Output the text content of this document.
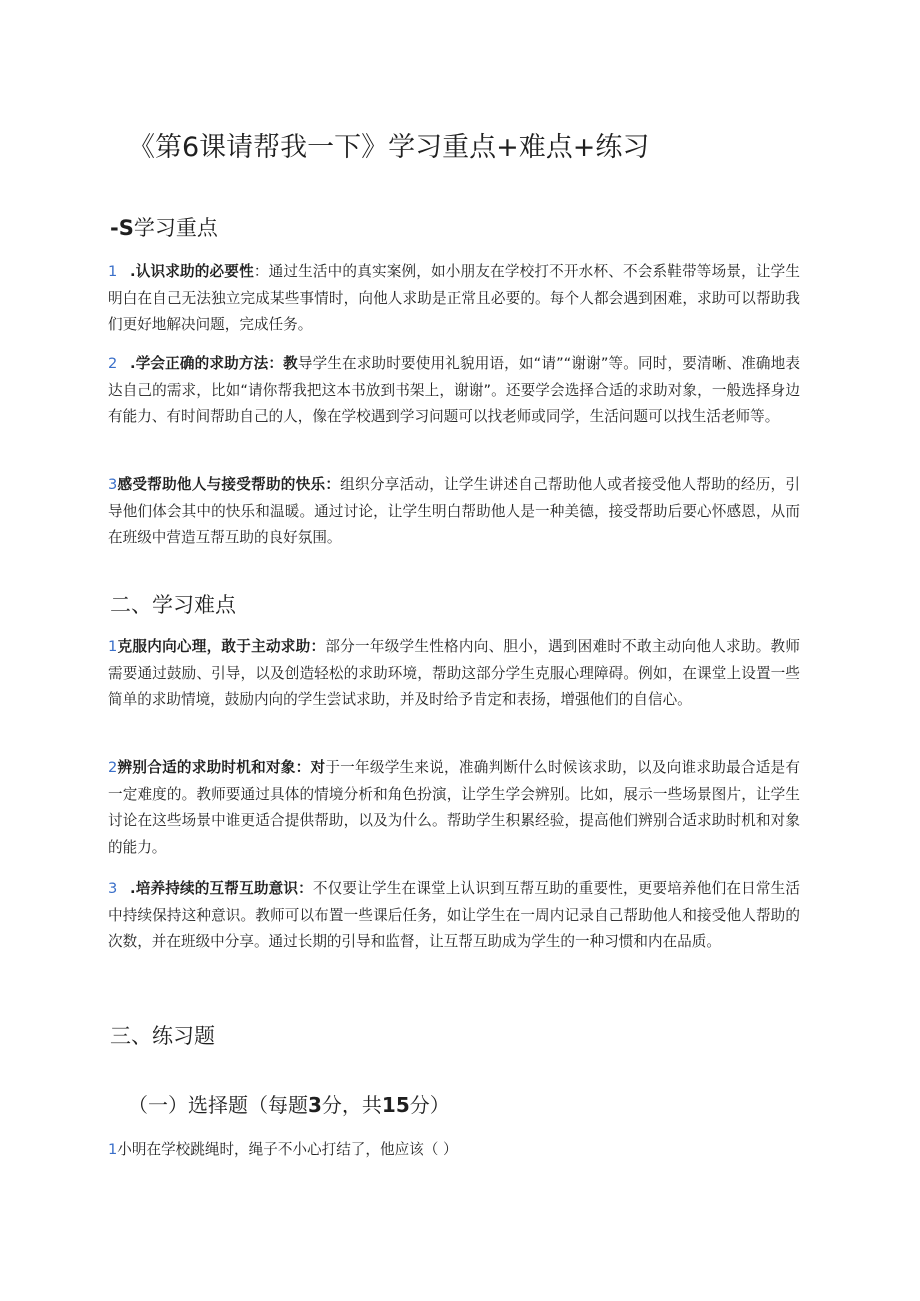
《第6课请帮我一下》学习重点+难点+练习
-S学习重点

1 .认识求助的必要性：通过生活中的真实案例，如小朋友在学校打不开水杯、不会系鞋带等场景，让学生明白在自己无法独立完成某些事情时，向他人求助是正常且必要的。每个人都会遇到困难，求助可以帮助我们更好地解决问题，完成任务。

2 .学会正确的求助方法：教导学生在求助时要使用礼貌用语，如“请”“谢谢”等。同时，要清晰、准确地表达自己的需求，比如“请你帮我把这本书放到书架上，谢谢”。还要学会选择合适的求助对象，一般选择身边有能力、有时间帮助自己的人，像在学校遇到学习问题可以找老师或同学，生活问题可以找生活老师等。

3感受帮助他人与接受帮助的快乐：组织分享活动，让学生讲述自己帮助他人或者接受他人帮助的经历，引导他们体会其中的快乐和温暖。通过讨论，让学生明白帮助他人是一种美德，接受帮助后要心怀感恩，从而在班级中营造互帮互助的良好氛围。

二、学习难点

1克服内向心理，敢于主动求助：部分一年级学生性格内向、胆小，遇到困难时不敢主动向他人求助。教师需要通过鼓励、引导，以及创造轻松的求助环境，帮助这部分学生克服心理障碍。例如，在课堂上设置一些简单的求助情境，鼓励内向的学生尝试求助，并及时给予肯定和表扬，增强他们的自信心。

2辨别合适的求助时机和对象：对于一年级学生来说，准确判断什么时候该求助，以及向谁求助最合适是有一定难度的。教师要通过具体的情境分析和角色扮演，让学生学会辨别。比如，展示一些场景图片，让学生讨论在这些场景中谁更适合提供帮助，以及为什么。帮助学生积累经验，提高他们辨别合适求助时机和对象的能力。

3 .培养持续的互帮互助意识：不仅要让学生在课堂上认识到互帮互助的重要性，更要培养他们在日常生活中持续保持这种意识。教师可以布置一些课后任务，如让学生在一周内记录自己帮助他人和接受他人帮助的次数，并在班级中分享。通过长期的引导和监督，让互帮互助成为学生的一种习惯和内在品质。

三、练习题
（一）选择题（每题3分，共15分）

1小明在学校跳绳时，绳子不小心打结了，他应该（ ）
